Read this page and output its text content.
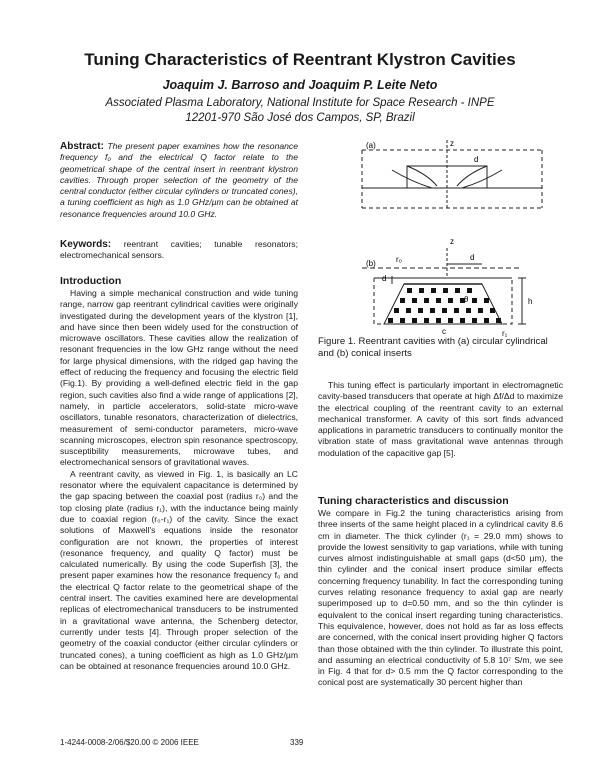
Tuning Characteristics of Reentrant Klystron Cavities
Joaquim J. Barroso and Joaquim P. Leite Neto
Associated Plasma Laboratory, National Institute for Space Research - INPE
12201-970 São José dos Campos, SP, Brazil
Abstract: The present paper examines how the resonance frequency f₀ and the electrical Q factor relate to the geometrical shape of the central insert in reentrant klystron cavities. Through proper selection of the geometry of the central conductor (either circular cylinders or truncated cones), a tuning coefficient as high as 1.0 GHz/µm can be obtained at resonance frequencies around 10.0 GHz.
Keywords: reentrant cavities; tunable resonators; electromechanical sensors.
Introduction

Having a simple mechanical construction and wide tuning range, narrow gap reentrant cylindrical cavities were originally investigated during the development years of the klystron [1], and have since then been widely used for the construction of microwave oscillators. These cavities allow the realization of resonant frequencies in the low GHz range without the need for large physical dimensions, with the ridged gap having the effect of reducing the frequency and focusing the electric field (Fig.1). By providing a well-defined electric field in the gap region, such cavities also find a wide range of applications [2], namely, in particle accelerators, solid-state micro-wave oscillators, tunable resonators, characterization of dielectrics, measurement of semi-conductor parameters, micro-wave scanning microscopes, electron spin resonance spectroscopy, susceptibility measurements, microwave tubes, and electromechanical sensors of gravitational waves.

A reentrant cavity, as viewed in Fig. 1, is basically an LC resonator where the equivalent capacitance is determined by the gap spacing between the coaxial post (radius r₀) and the top closing plate (radius r₁), with the inductance being mainly due to coaxial region (r₀-r₁) of the cavity. Since the exact solutions of Maxwell's equations inside the resonator configuration are not known, the properties of interest (resonance frequency, and quality Q factor) must be calculated numerically. By using the code Superfish [3], the present paper examines how the resonance frequency f₀ and the electrical Q factor relate to the geometrical shape of the central insert. The cavities examined here are developmental replicas of electromechanical transducers to be instrumented in a gravitational wave antenna, the Schenberg detector, currently under tests [4]. Through proper selection of the geometry of the coaxial conductor (either circular cylinders or truncated cones), a tuning coefficient as high as 1.0 GHz/µm can be obtained at resonance frequencies around 10.0 GHz.

(a)	z
d
z
r₀	d
(b)
d
h
θ
c	r₁
Figure 1. Reentrant cavities with (a) circular cylindrical and (b) conical inserts

This tuning effect is particularly important in electromagnetic cavity-based transducers that operate at high Δf/Δd to maximize the electrical coupling of the reentrant cavity to an external mechanical transformer. A cavity of this sort finds advanced applications in parametric transducers to continually monitor the vibration state of mass gravitational wave antennas through modulation of the capacitive gap [5].

Tuning characteristics and discussion

We compare in Fig.2 the tuning characteristics arising from three inserts of the same height placed in a cylindrical cavity 8.6 cm in diameter. The thick cylinder (r₁ = 29.0 mm) shows to provide the lowest sensitivity to gap variations, while with tuning curves almost indistinguishable at small gaps (d<50 µm), the thin cylinder and the conical insert produce similar effects concerning frequency tunability. In fact the corresponding tuning curves relating resonance frequency to axial gap are nearly superimposed up to d=0.50 mm, and so the thin cylinder is equivalent to the conical insert regarding tuning characteristics. This equivalence, however, does not hold as far as loss effects are concerned, with the conical insert providing higher Q factors than those obtained with the thin cylinder. To illustrate this point, and assuming an electrical conductivity of 5.8 10⁷ S/m, we see in Fig. 4 that for d> 0.5 mm the Q factor corresponding to the conical post are systematically 30 percent higher than

1-4244-0008-2/06/$20.00 © 2006 IEEE	339
